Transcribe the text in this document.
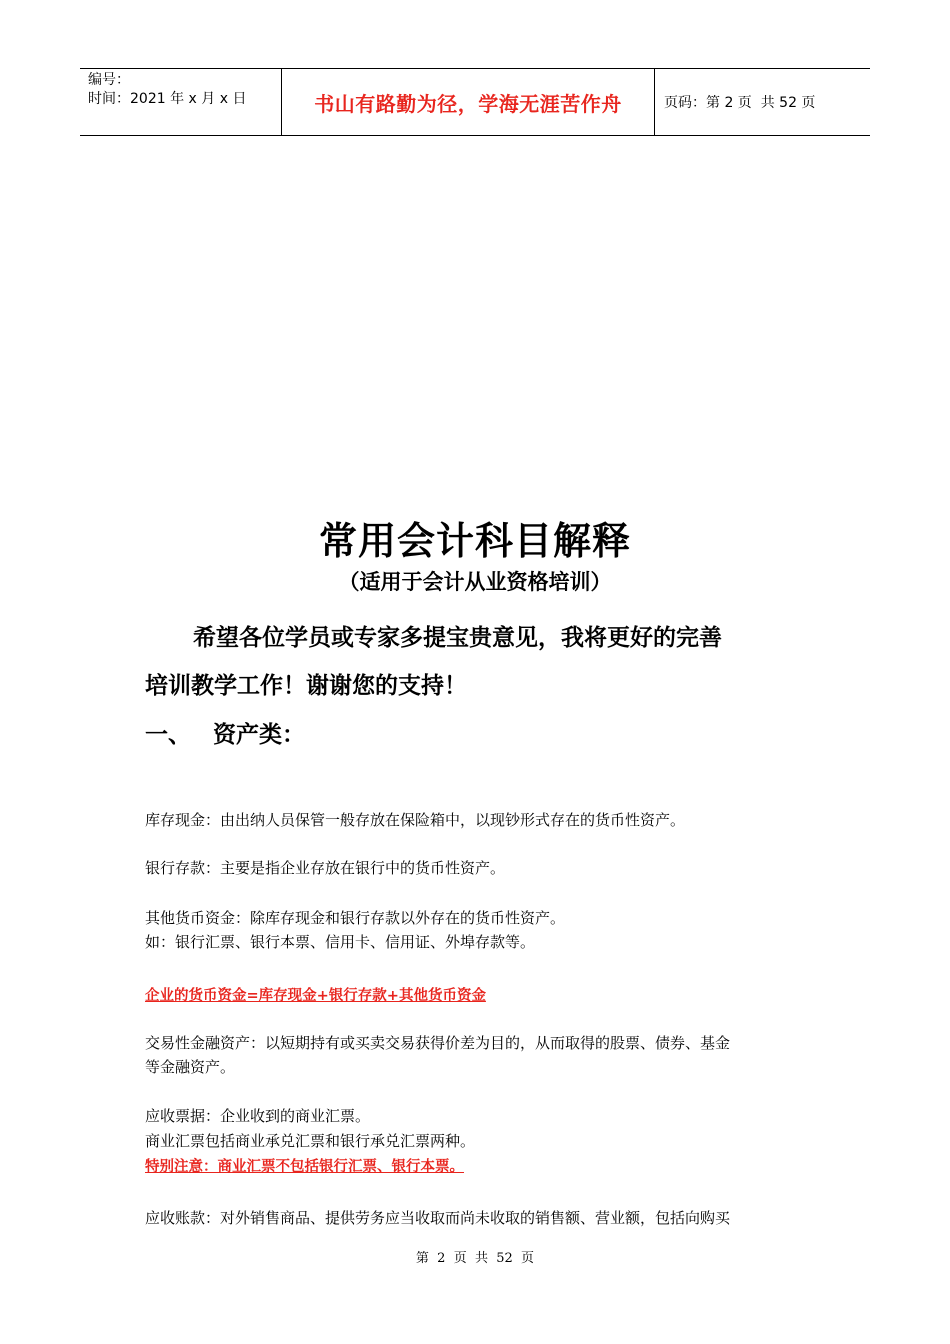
编号：
时间：2021 年 x 月 x 日	书山有路勤为径，学海无涯苦作舟	页码：第 2 页  共 52 页
常用会计科目解释
（适用于会计从业资格培训）
希望各位学员或专家多提宝贵意见，我将更好的完善
培训教学工作！谢谢您的支持！
一、 资产类：

库存现金：由出纳人员保管一般存放在保险箱中，以现钞形式存在的货币性资产。

银行存款：主要是指企业存放在银行中的货币性资产。

其他货币资金：除库存现金和银行存款以外存在的货币性资产。

如：银行汇票、银行本票、信用卡、信用证、外埠存款等。

企业的货币资金=库存现金+银行存款+其他货币资金

交易性金融资产：以短期持有或买卖交易获得价差为目的，从而取得的股票、债券、基金

等金融资产。

应收票据：企业收到的商业汇票。

商业汇票包括商业承兑汇票和银行承兑汇票两种。

特别注意：商业汇票不包括银行汇票、银行本票。

应收账款：对外销售商品、提供劳务应当收取而尚未收取的销售额、营业额，包括向购买

第  2  页  共  52  页
